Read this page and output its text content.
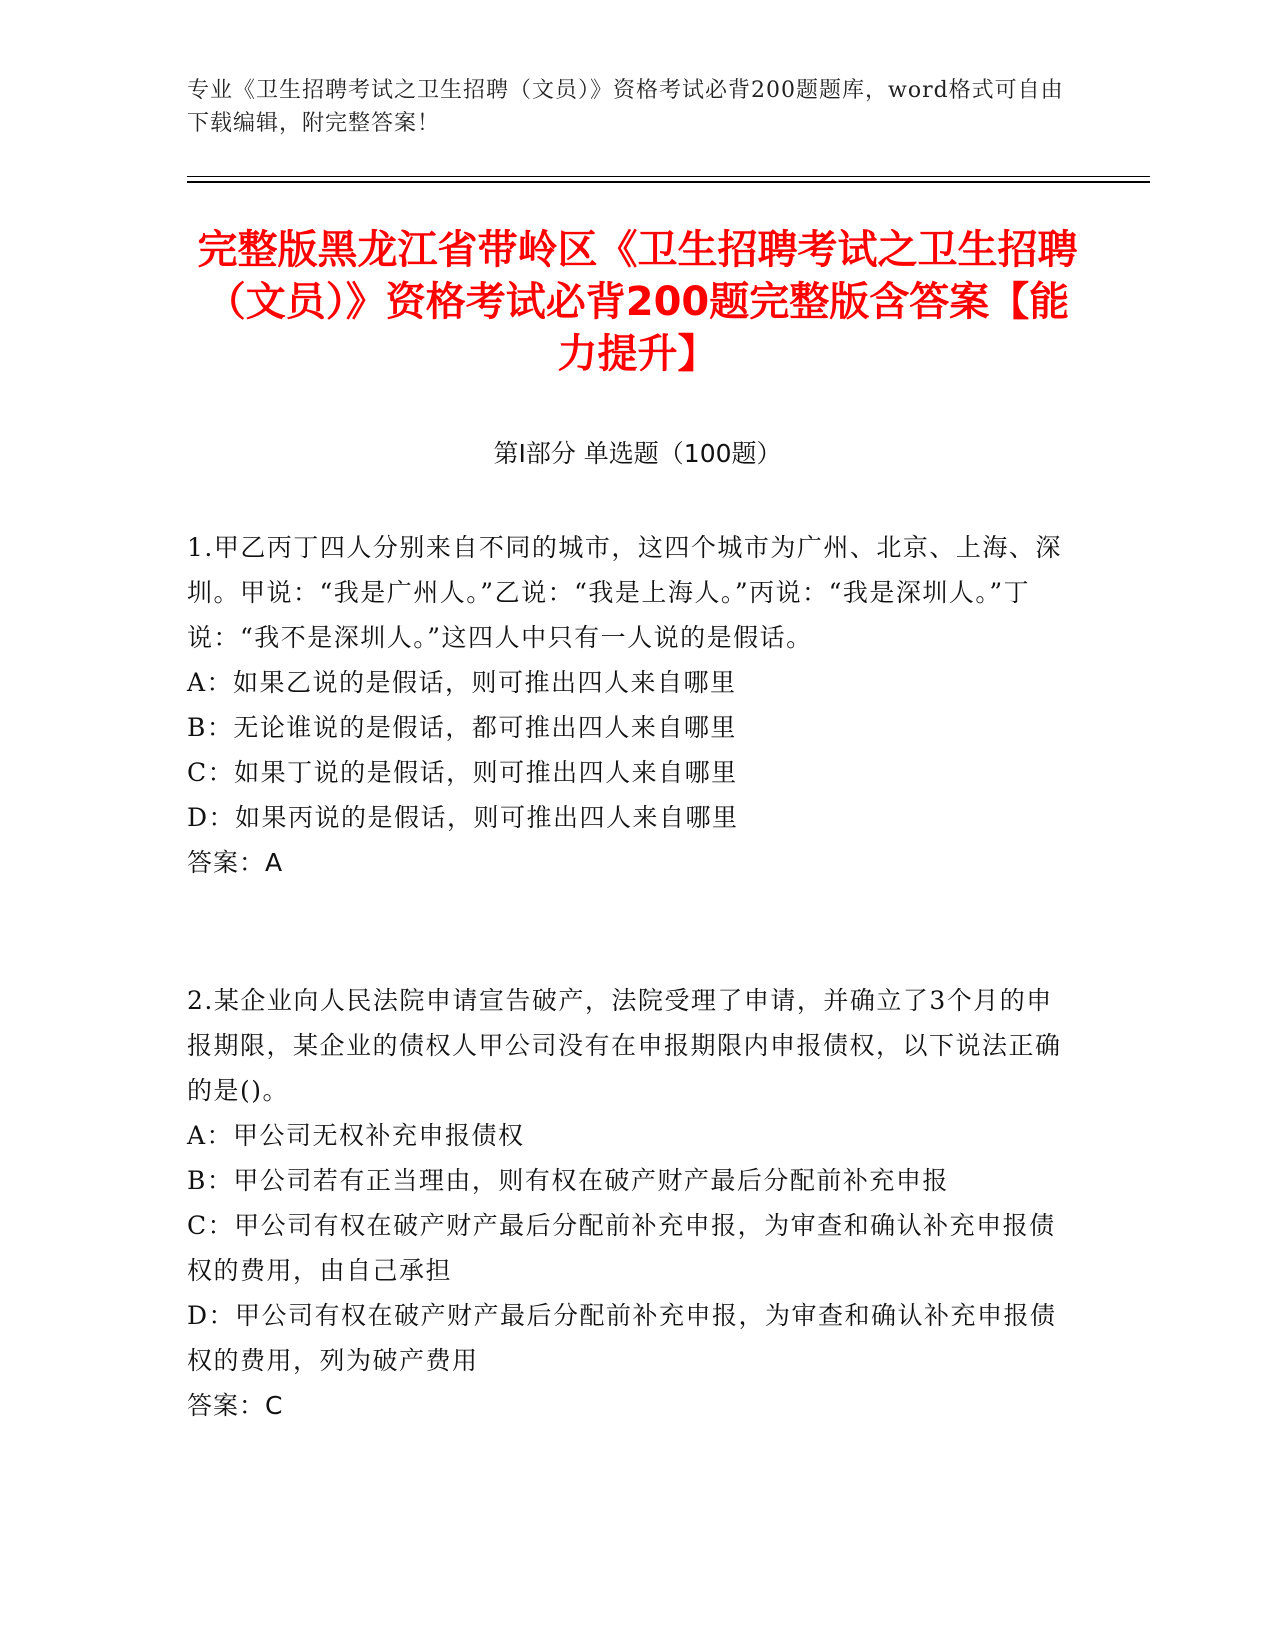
专业《卫生招聘考试之卫生招聘（文员）》资格考试必背200题题库，word格式可自由下载编辑，附完整答案！
完整版黑龙江省带岭区《卫生招聘考试之卫生招聘（文员）》资格考试必背200题完整版含答案【能力提升】
第Ⅰ部分 单选题（100题）

1.甲乙丙丁四人分别来自不同的城市，这四个城市为广州、北京、上海、深圳。甲说：“我是广州人。”乙说：“我是上海人。”丙说：“我是深圳人。”丁说：“我不是深圳人。”这四人中只有一人说的是假话。

A：如果乙说的是假话，则可推出四人来自哪里

B：无论谁说的是假话，都可推出四人来自哪里

C：如果丁说的是假话，则可推出四人来自哪里

D：如果丙说的是假话，则可推出四人来自哪里

答案：A

2.某企业向人民法院申请宣告破产，法院受理了申请，并确立了3个月的申报期限，某企业的债权人甲公司没有在申报期限内申报债权，以下说法正确的是()。

A：甲公司无权补充申报债权

B：甲公司若有正当理由，则有权在破产财产最后分配前补充申报

C：甲公司有权在破产财产最后分配前补充申报，为审查和确认补充申报债权的费用，由自己承担

D：甲公司有权在破产财产最后分配前补充申报，为审查和确认补充申报债权的费用，列为破产费用

答案：C
